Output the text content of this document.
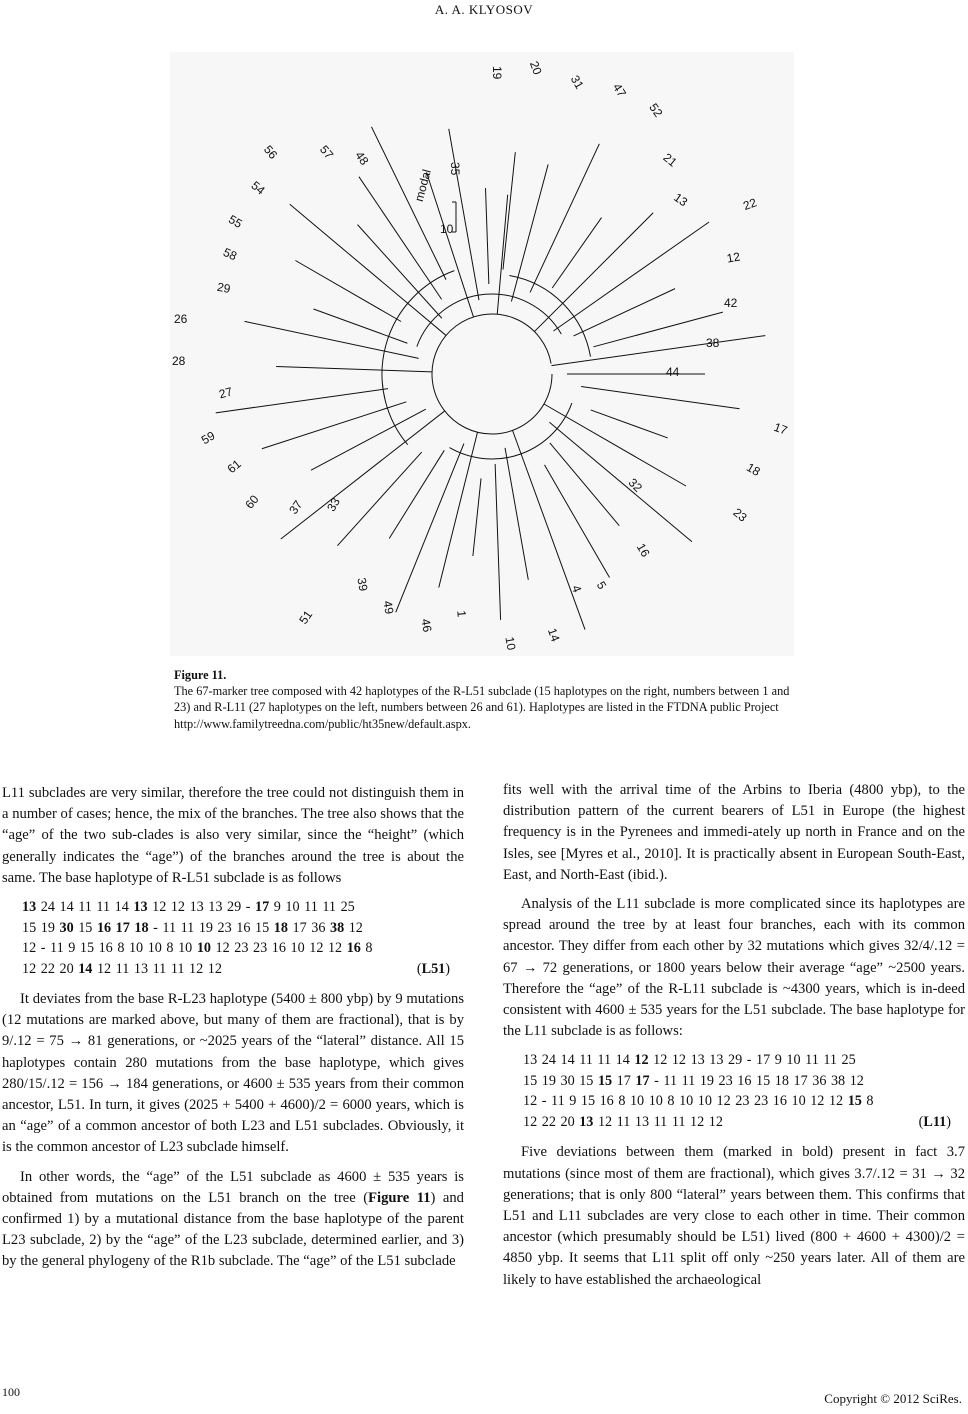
A. A. KLYOSOV
19 20
31 47
52
21
13	22
12
42
38
44
17
18
23
32
16
5
4
14
10
1
46
49
39
51
33
37
60
61
59
27
28
26
29
58
55
54
56	57 48
35
modal
10
Figure 11.

The 67-marker tree composed with 42 haplotypes of the R-L51 subclade (15 haplotypes on the right, numbers between 1 and 23) and R-L11 (27 haplotypes on the left, numbers between 26 and 61). Haplotypes are listed in the FTDNA public Project http://www.familytreedna.com/public/ht35new/default.aspx.

L11 subclades are very similar, therefore the tree could not distinguish them in a number of cases; hence, the mix of the branches. The tree also shows that the “age” of the two sub-clades is also very similar, since the “height” (which generally indicates the “age”) of the branches around the tree is about the same. The base haplotype of R-L51 subclade is as follows

13 24 14 11 11 14 13 12 12 13 13 29 - 17 9 10 11 11 25
15 19 30 15 16 17 18 - 11 11 19 23 16 15 18 17 36 38 12
12 - 11 9 15 16 8 10 10 8 10 10 12 23 23 16 10 12 12 16 8
12 22 20 14 12 11 13 11 11 12 12	(L51)

It deviates from the base R-L23 haplotype (5400 ± 800 ybp) by 9 mutations (12 mutations are marked above, but many of them are fractional), that is by 9/.12 = 75 → 81 generations, or ~2025 years of the “lateral” distance. All 15 haplotypes contain 280 mutations from the base haplotype, which gives 280/15/.12 = 156 → 184 generations, or 4600 ± 535 years from their common ancestor, L51. In turn, it gives (2025 + 5400 + 4600)/2 = 6000 years, which is an “age” of a common ancestor of both L23 and L51 subclades. Obviously, it is the common ancestor of L23 subclade himself.

In other words, the “age” of the L51 subclade as 4600 ± 535 years is obtained from mutations on the L51 branch on the tree (Figure 11) and confirmed 1) by a mutational distance from the base haplotype of the parent L23 subclade, 2) by the “age” of the L23 subclade, determined earlier, and 3) by the general phylogeny of the R1b subclade. The “age” of the L51 subclade

fits well with the arrival time of the Arbins to Iberia (4800 ybp), to the distribution pattern of the current bearers of L51 in Europe (the highest frequency is in the Pyrenees and immedi-ately up north in France and on the Isles, see [Myres et al., 2010]. It is practically absent in European South-East, East, and North-East (ibid.).

Analysis of the L11 subclade is more complicated since its haplotypes are spread around the tree by at least four branches, each with its common ancestor. They differ from each other by 32 mutations which gives 32/4/.12 = 67 → 72 generations, or 1800 years below their average “age” ~2500 years. Therefore the “age” of the R-L11 subclade is ~4300 years, which is in-deed consistent with 4600 ± 535 years for the L51 subclade. The base haplotype for the L11 subclade is as follows:

13 24 14 11 11 14 12 12 12 13 13 29 - 17 9 10 11 11 25
15 19 30 15 15 17 17 - 11 11 19 23 16 15 18 17 36 38 12
12 - 11 9 15 16 8 10 10 8 10 10 12 23 23 16 10 12 12 15 8
12 22 20 13 12 11 13 11 11 12 12	(L11)

Five deviations between them (marked in bold) present in fact 3.7 mutations (since most of them are fractional), which gives 3.7/.12 = 31 → 32 generations; that is only 800 “lateral” years between them. This confirms that L51 and L11 subclades are very close to each other in time. Their common ancestor (which presumably should be L51) lived (800 + 4600 + 4300)/2 = 4850 ybp. It seems that L11 split off only ~250 years later. All of them are likely to have established the archaeological

100	Copyright © 2012 SciRes.
